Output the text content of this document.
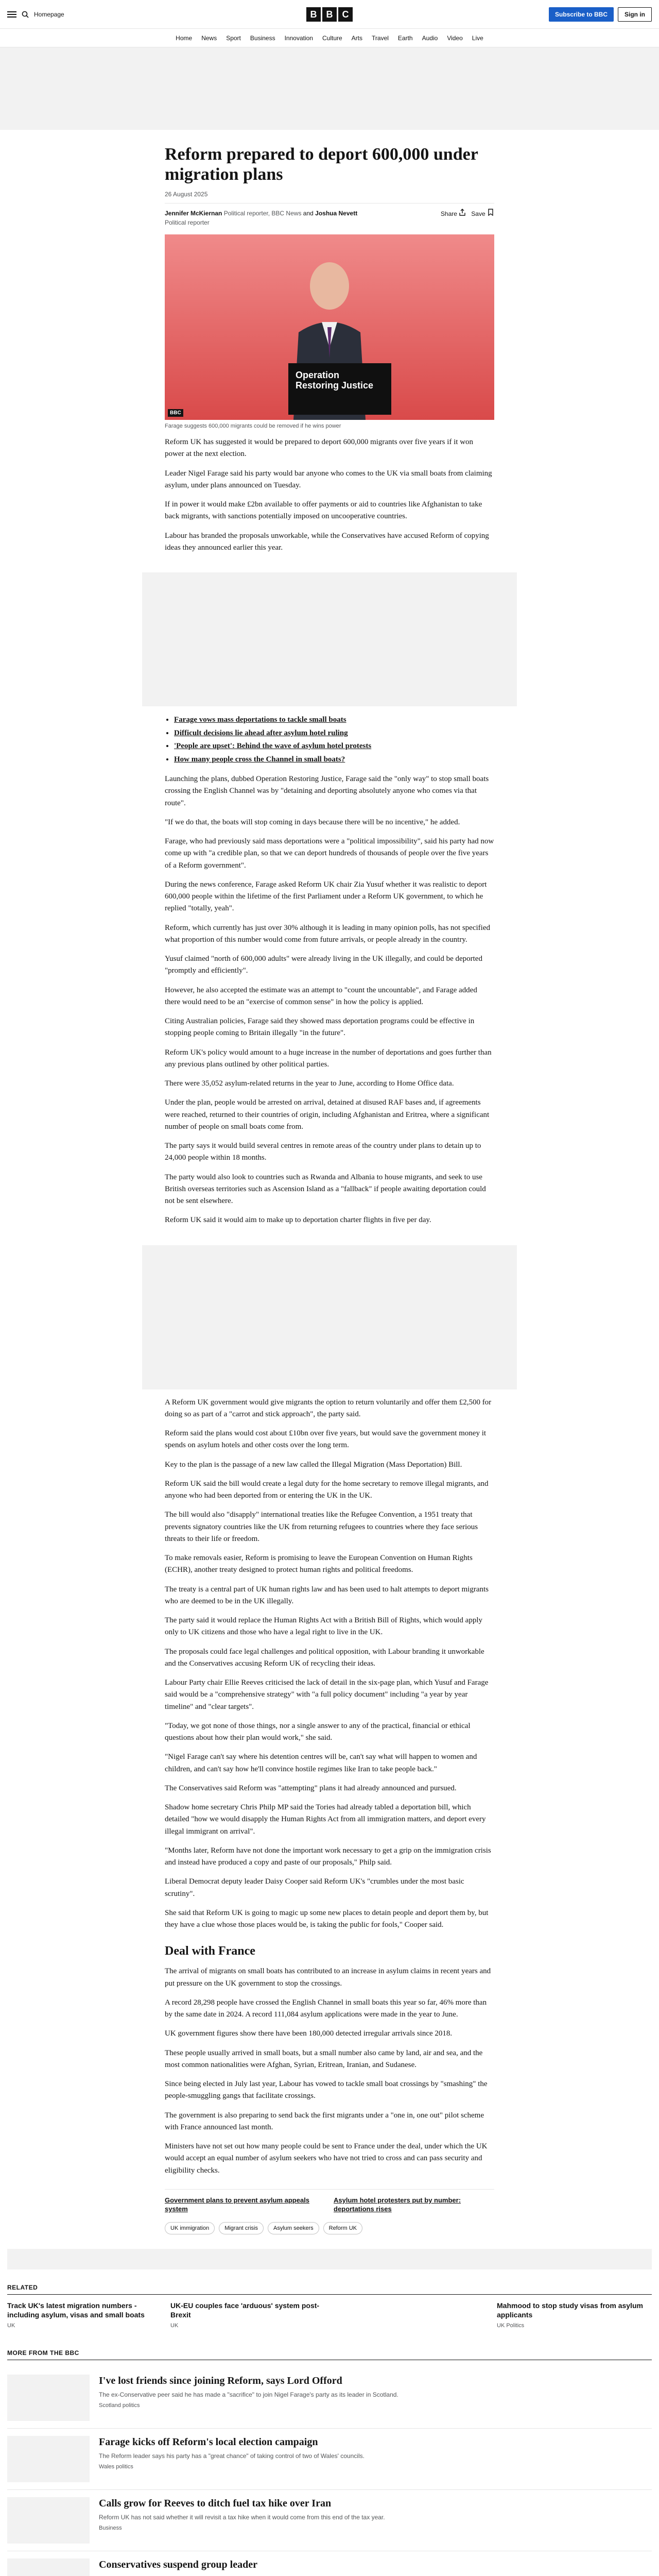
Homepage	B	B	C	Subscribe to BBC	Sign in
Home News Sport Business Innovation Culture Arts Travel Earth Audio Video Live
Reform prepared to deport 600,000 under migration plans
26 August 2025
Jennifer McKiernan Political reporter, BBC News and Joshua Nevett
Political reporter
Share	Save
Operation Restoring Justice
BBC
Farage suggests 600,000 migrants could be removed if he wins power

Reform UK has suggested it would be prepared to deport 600,000 migrants over five years if it won power at the next election.

Leader Nigel Farage said his party would bar anyone who comes to the UK via small boats from claiming asylum, under plans announced on Tuesday.

If in power it would make £2bn available to offer payments or aid to countries like Afghanistan to take back migrants, with sanctions potentially imposed on uncooperative countries.

Labour has branded the proposals unworkable, while the Conservatives have accused Reform of copying ideas they announced earlier this year.

• Farage vows mass deportations to tackle small boats
• Difficult decisions lie ahead after asylum hotel ruling
• 'People are upset': Behind the wave of asylum hotel protests
• How many people cross the Channel in small boats?

Launching the plans, dubbed Operation Restoring Justice, Farage said the "only way" to stop small boats crossing the English Channel was by "detaining and deporting absolutely anyone who comes via that route".

"If we do that, the boats will stop coming in days because there will be no incentive," he added.

Farage, who had previously said mass deportations were a "political impossibility", said his party had now come up with "a credible plan, so that we can deport hundreds of thousands of people over the five years of a Reform government".

During the news conference, Farage asked Reform UK chair Zia Yusuf whether it was realistic to deport 600,000 people within the lifetime of the first Parliament under a Reform UK government, to which he replied "totally, yeah".

Reform, which currently has just over 30% although it is leading in many opinion polls, has not specified what proportion of this number would come from future arrivals, or people already in the country.

Yusuf claimed "north of 600,000 adults" were already living in the UK illegally, and could be deported "promptly and efficiently".

However, he also accepted the estimate was an attempt to "count the uncountable", and Farage added there would need to be an "exercise of common sense" in how the policy is applied.

Citing Australian policies, Farage said they showed mass deportation programs could be effective in stopping people coming to Britain illegally "in the future".

Reform UK's policy would amount to a huge increase in the number of deportations and goes further than any previous plans outlined by other political parties.

There were 35,052 asylum-related returns in the year to June, according to Home Office data.

Under the plan, people would be arrested on arrival, detained at disused RAF bases and, if agreements were reached, returned to their countries of origin, including Afghanistan and Eritrea, where a significant number of people on small boats come from.

The party says it would build several centres in remote areas of the country under plans to detain up to 24,000 people within 18 months.

The party would also look to countries such as Rwanda and Albania to house migrants, and seek to use British overseas territories such as Ascension Island as a "fallback" if people awaiting deportation could not be sent elsewhere.

Reform UK said it would aim to make up to deportation charter flights in five per day.

A Reform UK government would give migrants the option to return voluntarily and offer them £2,500 for doing so as part of a "carrot and stick approach", the party said.

Reform said the plans would cost about £10bn over five years, but would save the government money it spends on asylum hotels and other costs over the long term.

Key to the plan is the passage of a new law called the Illegal Migration (Mass Deportation) Bill.

Reform UK said the bill would create a legal duty for the home secretary to remove illegal migrants, and anyone who had been deported from or entering the UK in the UK.

The bill would also "disapply" international treaties like the Refugee Convention, a 1951 treaty that prevents signatory countries like the UK from returning refugees to countries where they face serious threats to their life or freedom.

To make removals easier, Reform is promising to leave the European Convention on Human Rights (ECHR), another treaty designed to protect human rights and political freedoms.

The treaty is a central part of UK human rights law and has been used to halt attempts to deport migrants who are deemed to be in the UK illegally.

The party said it would replace the Human Rights Act with a British Bill of Rights, which would apply only to UK citizens and those who have a legal right to live in the UK.

The proposals could face legal challenges and political opposition, with Labour branding it unworkable and the Conservatives accusing Reform UK of recycling their ideas.

Labour Party chair Ellie Reeves criticised the lack of detail in the six-page plan, which Yusuf and Farage said would be a "comprehensive strategy" with "a full policy document" including "a year by year timeline" and "clear targets".

"Today, we got none of those things, nor a single answer to any of the practical, financial or ethical questions about how their plan would work," she said.

"Nigel Farage can't say where his detention centres will be, can't say what will happen to women and children, and can't say how he'll convince hostile regimes like Iran to take people back."

The Conservatives said Reform was "attempting" plans it had already announced and pursued.

Shadow home secretary Chris Philp MP said the Tories had already tabled a deportation bill, which detailed "how we would disapply the Human Rights Act from all immigration matters, and deport every illegal immigrant on arrival".

"Months later, Reform have not done the important work necessary to get a grip on the immigration crisis and instead have produced a copy and paste of our proposals," Philp said.

Liberal Democrat deputy leader Daisy Cooper said Reform UK's "crumbles under the most basic scrutiny".

She said that Reform UK is going to magic up some new places to detain people and deport them by, but they have a clue whose those places would be, is taking the public for fools," Cooper said.

Deal with France

The arrival of migrants on small boats has contributed to an increase in asylum claims in recent years and put pressure on the UK government to stop the crossings.

A record 28,298 people have crossed the English Channel in small boats this year so far, 46% more than by the same date in 2024. A record 111,084 asylum applications were made in the year to June.

UK government figures show there have been 180,000 detected irregular arrivals since 2018.

These people usually arrived in small boats, but a small number also came by land, air and sea, and the most common nationalities were Afghan, Syrian, Eritrean, Iranian, and Sudanese.

Since being elected in July last year, Labour has vowed to tackle small boat crossings by "smashing" the people-smuggling gangs that facilitate crossings.

The government is also preparing to send back the first migrants under a "one in, one out" pilot scheme with France announced last month.

Ministers have not set out how many people could be sent to France under the deal, under which the UK would accept an equal number of asylum seekers who have not tried to cross and can pass security and eligibility checks.

Government plans to prevent asylum appeals system
Asylum hotel protesters put by number: deportations rises
UK immigration	Migrant crisis	Asylum seekers	Reform UK
RELATED
Track UK's latest migration numbers - including asylum, visas and small boats
UK
UK-EU couples face 'arduous' system post-Brexit
UK
Mahmood to stop study visas from asylum applicants
UK Politics
MORE FROM THE BBC
I've lost friends since joining Reform, says Lord Offord
The ex-Conservative peer said he has made a "sacrifice" to join Nigel Farage's party as its leader in Scotland.
Scotland politics
Farage kicks off Reform's local election campaign
The Reform leader says his party has a "great chance" of taking control of two of Wales' councils.
Wales politics
Calls grow for Reeves to ditch fuel tax hike over Iran
Reform UK has not said whether it will revisit a tax hike when it would come from this end of the tax year.
Business
Conservatives suspend group leader
